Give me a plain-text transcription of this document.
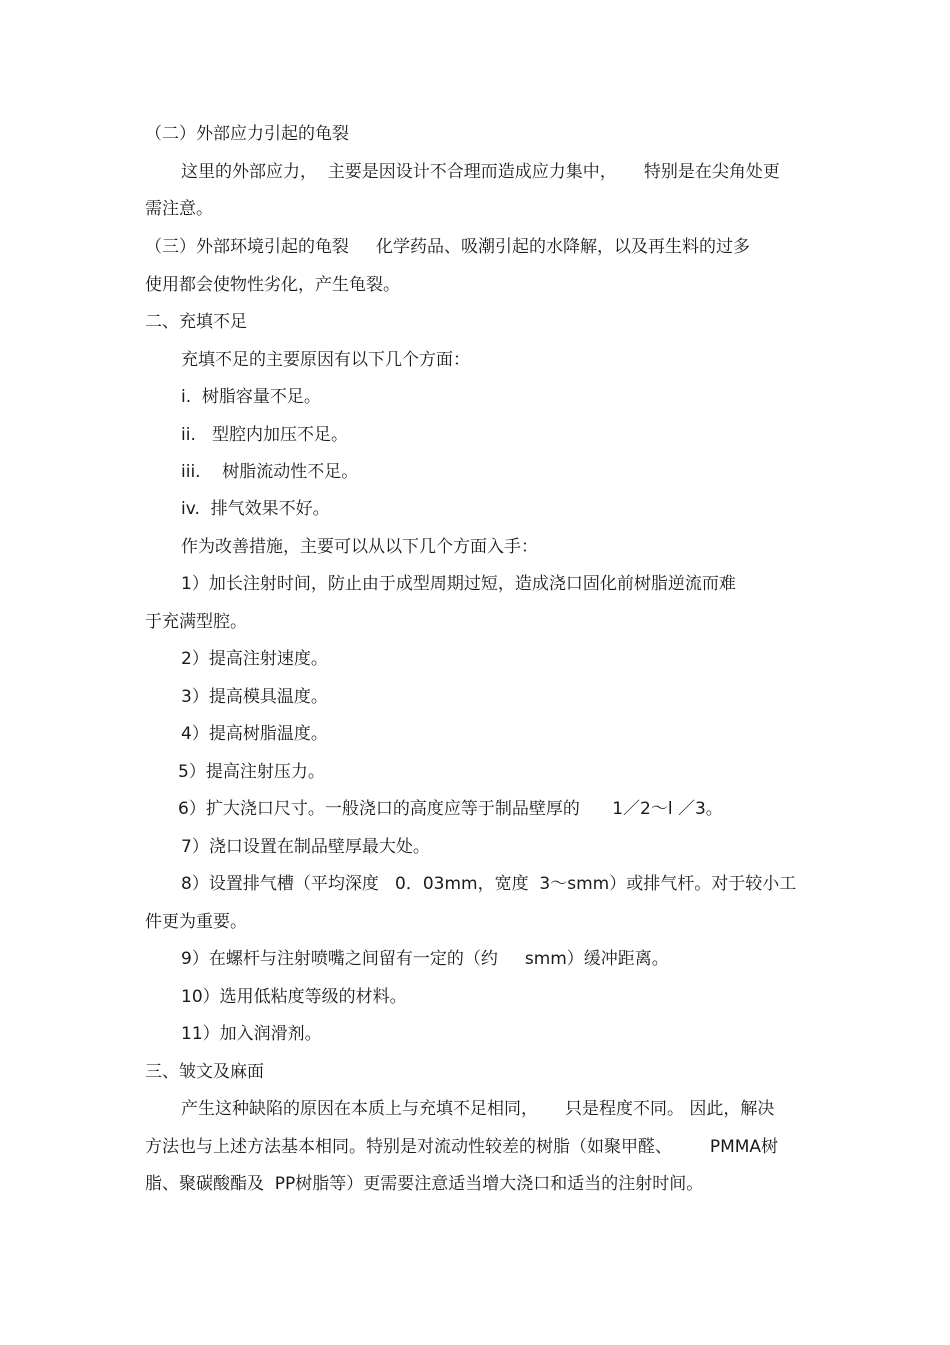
（二）外部应力引起的龟裂
这里的外部应力，  主要是因设计不合理而造成应力集中，     特别是在尖角处更
需注意。
（三）外部环境引起的龟裂     化学药品、吸潮引起的水降解，以及再生料的过多
使用都会使物性劣化，产生龟裂。
二、充填不足
充填不足的主要原因有以下几个方面：
i.  树脂容量不足。
ii.   型腔内加压不足。
iii.    树脂流动性不足。
iv.  排气效果不好。
作为改善措施，主要可以从以下几个方面入手：
1）加长注射时间，防止由于成型周期过短，造成浇口固化前树脂逆流而难
于充满型腔。
2）提高注射速度。
3）提高模具温度。
4）提高树脂温度。
5）提高注射压力。
6）扩大浇口尺寸。一般浇口的高度应等于制品壁厚的      1／2～l ／3。
7）浇口设置在制品壁厚最大处。
8）设置排气槽（平均深度   0．03mm，宽度  3～smm）或排气杆。对于较小工
件更为重要。
9）在螺杆与注射喷嘴之间留有一定的（约     smm）缓冲距离。
10）选用低粘度等级的材料。
11）加入润滑剂。
三、皱文及麻面
产生这种缺陷的原因在本质上与充填不足相同，     只是程度不同。 因此，解决
方法也与上述方法基本相同。特别是对流动性较差的树脂（如聚甲醛、       PMMA树
脂、聚碳酸酯及  PP树脂等）更需要注意适当增大浇口和适当的注射时间。
